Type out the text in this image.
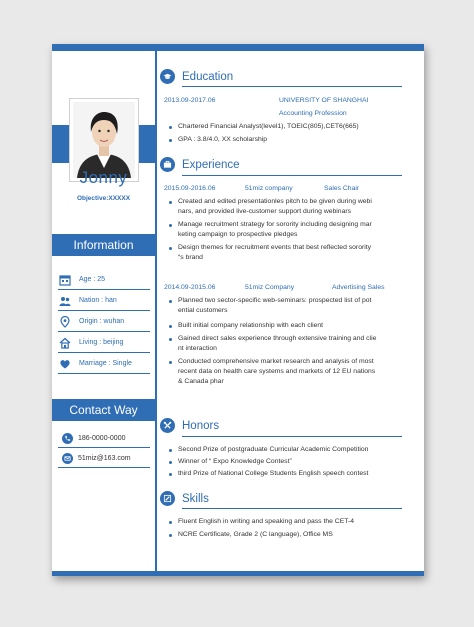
Jonny
Objective:XXXXX
Information
Age : 25
Nation : han
Origin : wuhan
Living : beijing
Marriage : Single
Contact Way
186-0000-0000
51miz@163.com
Education
2013.09-2017.06	UNIVERSITY OF SHANGHAI
Accounting Profession
Chartered Financial Analyst(level1), TOEIC(805),CET6(665)
GPA : 3.8/4.0, XX scholarship
Experience
2015.09-2016.06	51miz company	Sales Chair
Created and edited presentationles pitch to be given during webi
nars, and provided live-customer support during webinars
Manage recruitment strategy for sorority including designing mar
keting campaign to prospective pledges
Design themes for recruitment events that best reflected sorority
“s brand
2014.09-2015.06	51miz Company	Advertising Sales
Planned two sector-specific web-seminars: prospected list of pot
ential customers
Built initial company relationship with each client
Gained direct sales experience through extensive training and clie
nt interaction
Conducted comprehensive market research and analysis of most
recent data on health care systems and markets of 12 EU nations
& Canada phar
Honors
Second Prize of postgraduate Curricular Academic Competition
Winner of “ Expo Knowledge Contest”
third Prize of National College Students English speech contest
Skills
Fluent English in writing and speaking and pass the CET-4
NCRE Certificate, Grade 2 (C language), Office MS
